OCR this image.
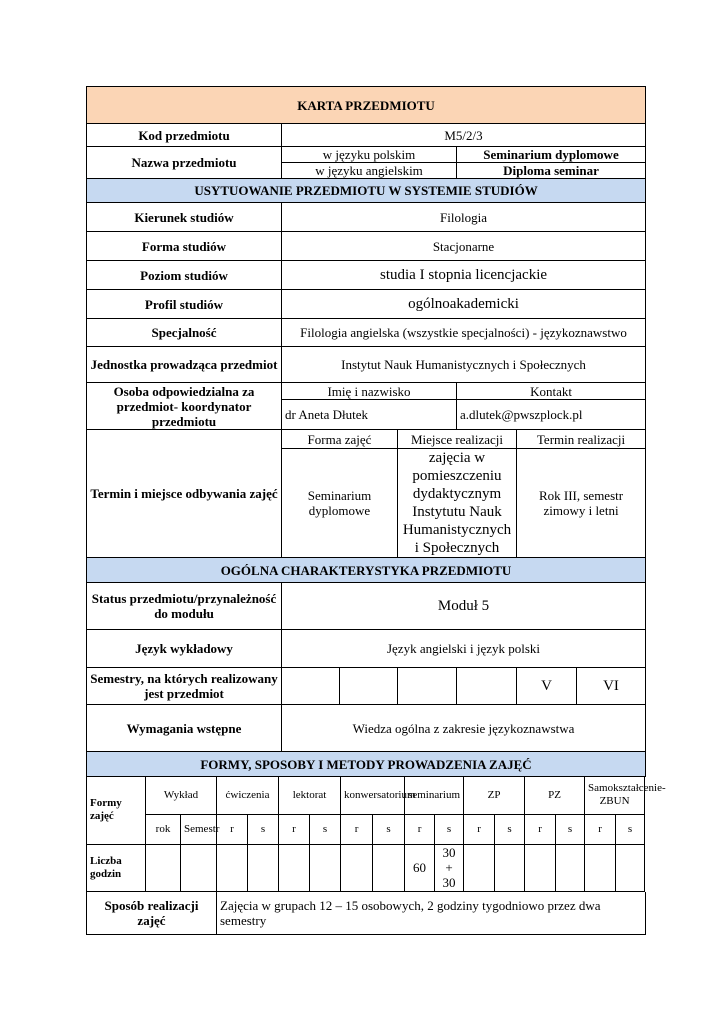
KARTA PRZEDMIOTU						
Kod przedmiotu	M5/2/3					
Nazwa przedmiotu	w języku polskim			Seminarium dyplomowe		
	w języku angielskim			Diploma seminar		
USYTUOWANIE PRZEDMIOTU W SYSTEMIE STUDIÓW						
Kierunek studiów	Filologia					
Forma studiów	Stacjonarne					
Poziom studiów	studia I stopnia licencjackie					
Profil studiów	ogólnoakademicki					
Specjalność	Filologia angielska (wszystkie specjalności) - językoznawstwo					
Jednostka prowadząca przedmiot	Instytut Nauk Humanistycznych i Społecznych					
Osoba odpowiedzialna za przedmiot- koordynator przedmiotu	Imię i nazwisko			Kontakt		
	dr Aneta Dłutek			a.dlutek@pwszplock.pl		
Termin i miejsce odbywania zajęć	Forma zajęć		Miejsce realizacji		Termin realizacji	
	Seminarium dyplomowe		zajęcia w pomieszczeniu dydaktycznym Instytutu Nauk Humanistycznych i Społecznych		Rok III, semestr zimowy i letni	
OGÓLNA CHARAKTERYSTYKA PRZEDMIOTU						
Status przedmiotu/przynależność do modułu	Moduł 5					
Język wykładowy	Język angielski i język polski					
Semestry, na których realizowany jest przedmiot					V	VI
Wymagania wstępne	Wiedza ogólna z zakresie językoznawstwa					
FORMY, SPOSOBY I METODY PROWADZENIA ZAJĘĆ						
Formy zajęć	Wykład		ćwiczenia		lektorat		konwersatorium		seminarium		ZP		PZ		Samokształcenie-ZBUN	
	rok	Semestr	r	s	r	s	r	s	r	s	r	s	r	s	r	s
Liczba godzin									60	30 + 30						
Sposób realizacji zajęć	Zajęcia w grupach 12 – 15 osobowych, 2 godziny tygodniowo przez dwa semestry
